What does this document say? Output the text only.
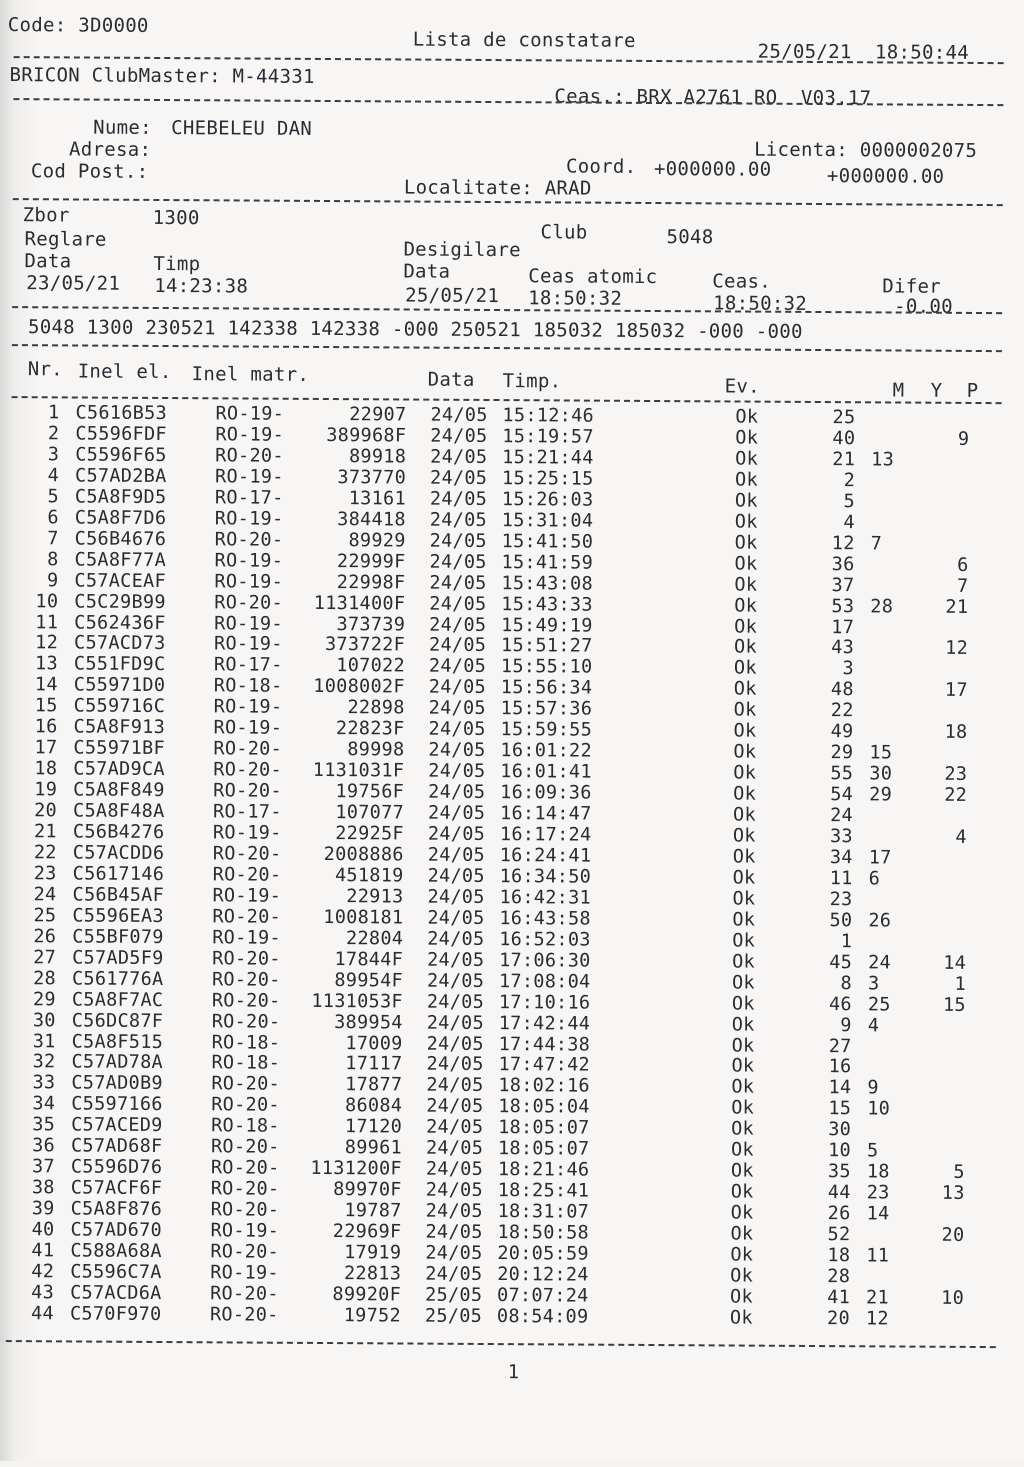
Code: 3D0000
Lista de constatare
25/05/21  18:50:44
BRICON ClubMaster: M-44331
Ceas.: BRX A2761 RO  V03.17
Nume: CHEBELEU DAN
Adresa:	Licenta: 0000002075
Cod Post.:	Coord. +000000.00	+000000.00
Localitate: ARAD
Zbor	1300
Club	5048
Reglare	Desigilare
Data	Timp	Data	Ceas atomic	Ceas.	Difer
23/05/21 14:23:38	25/05/21 18:50:32	18:50:32	-0.00
5048 1300 230521 142338 142338 -000 250521 185032 185032 -000 -000
Nr. Inel el. Inel matr.	Data Timp.	Ev.	M Y P
1 C5616B53	RO-19-	22907 24/05 15:12:46	Ok	25
2 C5596FDF	RO-19-	389968F 24/05 15:19:57	Ok	40	9
3 C5596F65	RO-20-	89918 24/05 15:21:44	Ok	21 13
4 C57AD2BA	RO-19-	373770 24/05 15:25:15	Ok	2
5 C5A8F9D5	RO-17-	13161 24/05 15:26:03	Ok	5
6 C5A8F7D6	RO-19-	384418 24/05 15:31:04	Ok	4
7 C56B4676	RO-20-	89929 24/05 15:41:50	Ok	12 7
8 C5A8F77A	RO-19-	22999F 24/05 15:41:59	Ok	36	6
9 C57ACEAF	RO-19-	22998F 24/05 15:43:08	Ok	37	7
10 C5C29B99	RO-20-	1131400F 24/05 15:43:33	Ok	53 28	21
11 C562436F	RO-19-	373739 24/05 15:49:19	Ok	17
12 C57ACD73	RO-19-	373722F 24/05 15:51:27	Ok	43	12
13 C551FD9C	RO-17-	107022 24/05 15:55:10	Ok	3
14 C55971D0	RO-18-	1008002F 24/05 15:56:34	Ok	48	17
15 C559716C	RO-19-	22898 24/05 15:57:36	Ok	22
16 C5A8F913	RO-19-	22823F 24/05 15:59:55	Ok	49	18
17 C55971BF	RO-20-	89998 24/05 16:01:22	Ok	29 15
18 C57AD9CA	RO-20-	1131031F 24/05 16:01:41	Ok	55 30	23
19 C5A8F849	RO-20-	19756F 24/05 16:09:36	Ok	54 29	22
20 C5A8F48A	RO-17-	107077 24/05 16:14:47	Ok	24
21 C56B4276	RO-19-	22925F 24/05 16:17:24	Ok	33	4
22 C57ACDD6	RO-20-	2008886 24/05 16:24:41	Ok	34 17
23 C5617146	RO-20-	451819 24/05 16:34:50	Ok	11 6
24 C56B45AF	RO-19-	22913 24/05 16:42:31	Ok	23
25 C5596EA3	RO-20-	1008181 24/05 16:43:58	Ok	50 26
26 C55BF079	RO-19-	22804 24/05 16:52:03	Ok	1
27 C57AD5F9	RO-20-	17844F 24/05 17:06:30	Ok	45 24	14
28 C561776A	RO-20-	89954F 24/05 17:08:04	Ok	8 3	1
29 C5A8F7AC	RO-20-	1131053F 24/05 17:10:16	Ok	46 25	15
30 C56DC87F	RO-20-	389954 24/05 17:42:44	Ok	9 4
31 C5A8F515	RO-18-	17009 24/05 17:44:38	Ok	27
32 C57AD78A	RO-18-	17117 24/05 17:47:42	Ok	16
33 C57AD0B9	RO-20-	17877 24/05 18:02:16	Ok	14 9
34 C5597166	RO-20-	86084 24/05 18:05:04	Ok	15 10
35 C57ACED9	RO-18-	17120 24/05 18:05:07	Ok	30
36 C57AD68F	RO-20-	89961 24/05 18:05:07	Ok	10 5
37 C5596D76	RO-20-	1131200F 24/05 18:21:46	Ok	35 18	5
38 C57ACF6F	RO-20-	89970F 24/05 18:25:41	Ok	44 23	13
39 C5A8F876	RO-20-	19787 24/05 18:31:07	Ok	26 14
40 C57AD670	RO-19-	22969F 24/05 18:50:58	Ok	52	20
41 C588A68A	RO-20-	17919 24/05 20:05:59	Ok	18 11
42 C5596C7A	RO-19-	22813 24/05 20:12:24	Ok	28
43 C57ACD6A	RO-20-	89920F 25/05 07:07:24	Ok	41 21	10
44 C570F970	RO-20-	19752 25/05 08:54:09	Ok	20 12
1
